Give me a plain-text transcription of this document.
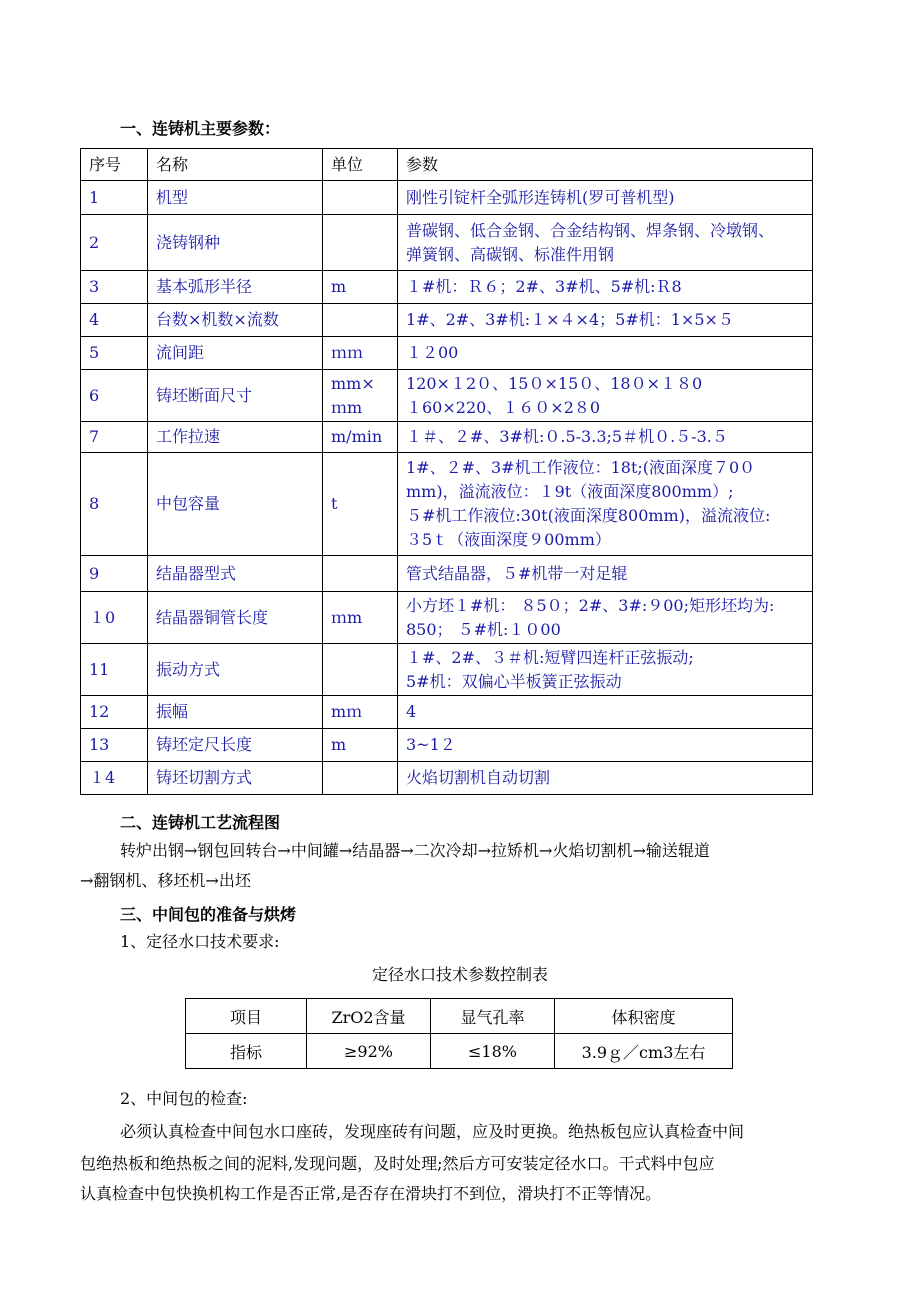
一、连铸机主要参数：
序号	名称	单位	参数
1	机型		刚性引锭杆全弧形连铸机(罗可普机型)

2	浇铸钢种		普碳钢、低合金钢、合金结构钢、焊条钢、冷墩钢、
弹簧钢、高碳钢、标准件用钢

3	基本弧形半径	m	１#机：Ｒ６；2#、3#机、5#机:Ｒ8

4	台数×机数×流数		1#、2#、3#机:１×４×4；5#机：1×5×５

5	流间距	ｍｍ	１２00

6	铸坯断面尺寸	mm×ｍm	120×１2０、15０×15０、18０×１８0
１60×220、１６０×2８0

7	工作拉速	m/min	１＃、２#、3#机:０.5-3.3;5＃机０.５-3.５

8	中包容量	t	1#、２#、3#机工作液位：18t;(液面深度７0０
mm)，溢流液位：１9t（液面深度800mm）;
５#机工作液位:30t(液面深度800mm)，溢流液位:
３5ｔ（液面深度９00mm）

9	结晶器型式		管式结晶器，５#机带一对足辊

１0	结晶器铜管长度	ｍm	小方坯１#机： ８5０；2#、3#:９00;矩形坯均为:
850； ５#机:１０00

11	振动方式		１#、2#、３＃机:短臂四连杆正弦振动;
5#机：双偏心半板簧正弦振动

12	振幅	mｍ	4

13	铸坯定尺长度	m	3~1２

１4	铸坯切割方式		火焰切割机自动切割
二、连铸机工艺流程图
转炉出钢→钢包回转台→中间罐→结晶器→二次冷却→拉矫机→火焰切割机→输送辊道
→翻钢机、移坯机→出坯
三、中间包的准备与烘烤
1、定径水口技术要求:
定径水口技术参数控制表
项目	ZrO2含量	显气孔率	体积密度
指标	≥92%	≤18%	3.9ｇ／cm3左右
2、中间包的检查:
必须认真检查中间包水口座砖，发现座砖有问题，应及时更换。绝热板包应认真检查中间
包绝热板和绝热板之间的泥料,发现问题，及时处理;然后方可安装定径水口。干式料中包应
认真检查中包快换机构工作是否正常,是否存在滑块打不到位，滑块打不正等情况。
